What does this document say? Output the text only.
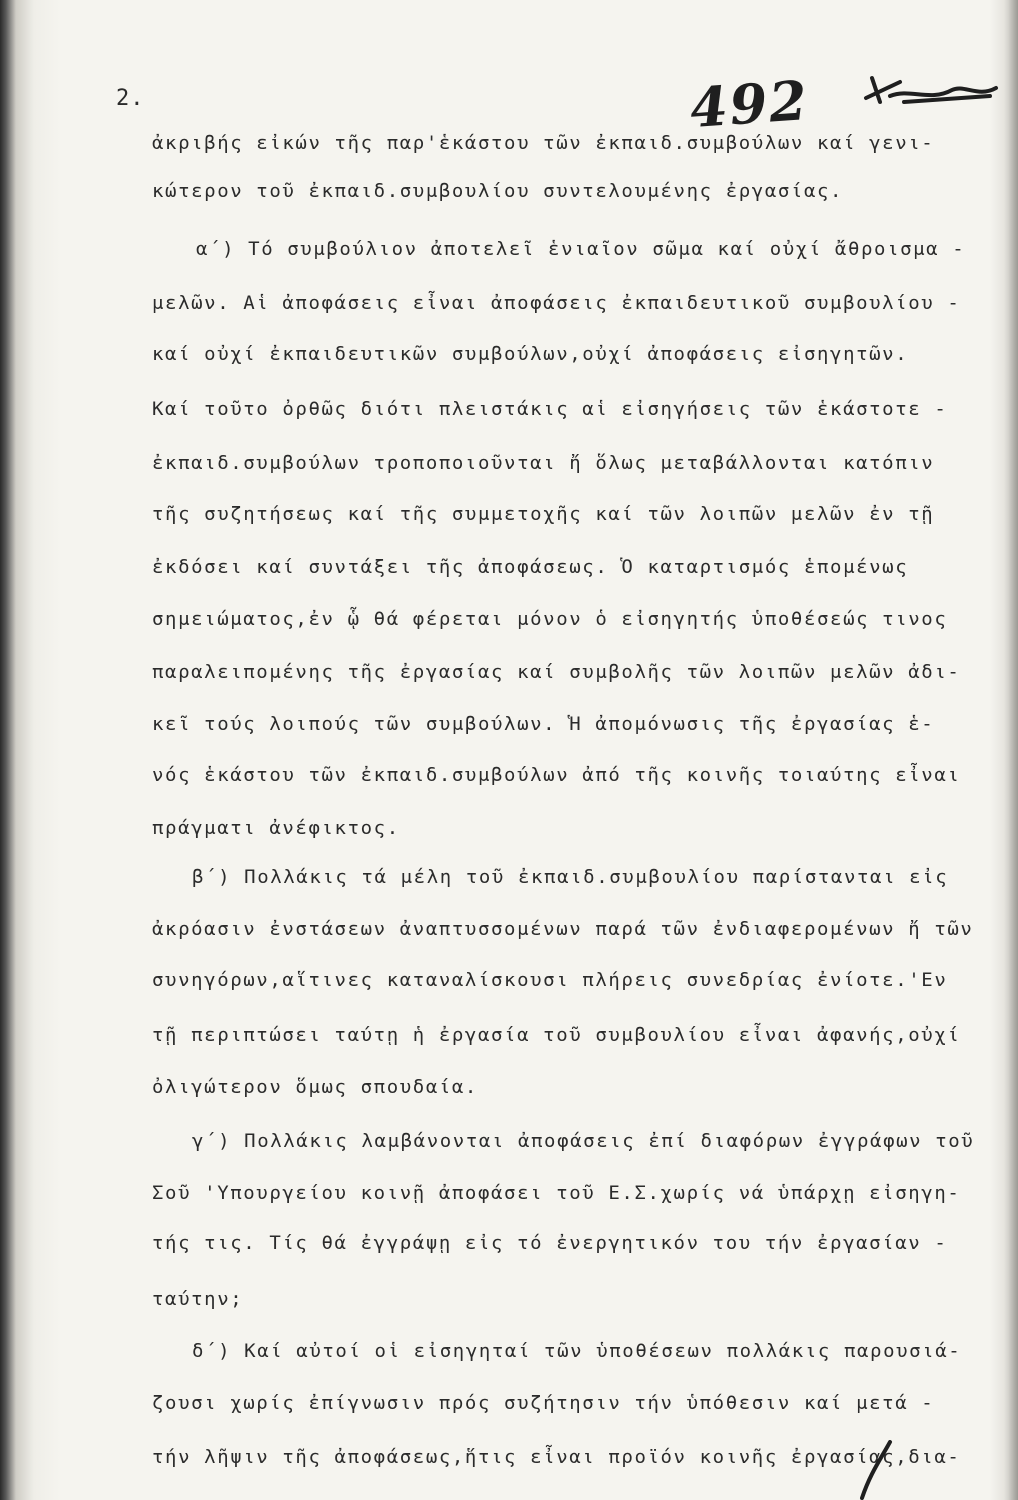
2.	492
ἀκριβής εἰκών τῆς παρ'ἑκάστου τῶν ἐκπαιδ.συμβούλων καί γενι-
κώτερον τοῦ ἐκπαιδ.συμβουλίου συντελουμένης ἐργασίας.
α΄) Τό συμβούλιον ἀποτελεῖ ἑνιαῖον σῶμα καί οὐχί ἄθροισμα -
μελῶν. Αἱ ἀποφάσεις εἶναι ἀποφάσεις ἐκπαιδευτικοῦ συμβουλίου -
καί οὐχί ἐκπαιδευτικῶν συμβούλων,οὐχί ἀποφάσεις εἰσηγητῶν.
Καί τοῦτο ὀρθῶς διότι πλειστάκις αἱ εἰσηγήσεις τῶν ἑκάστοτε -
ἐκπαιδ.συμβούλων τροποποιοῦνται ἤ ὅλως μεταβάλλονται κατόπιν
τῆς συζητήσεως καί τῆς συμμετοχῆς καί τῶν λοιπῶν μελῶν ἐν τῇ
ἐκδόσει καί συντάξει τῆς ἀποφάσεως. Ὁ καταρτισμός ἑπομένως
σημειώματος,ἐν ᾧ θά φέρεται μόνον ὁ εἰσηγητής ὑποθέσεώς τινος
παραλειπομένης τῆς ἐργασίας καί συμβολῆς τῶν λοιπῶν μελῶν ἀδι-
κεῖ τούς λοιπούς τῶν συμβούλων. Ἡ ἀπομόνωσις τῆς ἐργασίας ἑ-
νός ἑκάστου τῶν ἐκπαιδ.συμβούλων ἀπό τῆς κοινῆς τοιαύτης εἶναι
πράγματι ἀνέφικτος.
β΄) Πολλάκις τά μέλη τοῦ ἐκπαιδ.συμβουλίου παρίστανται εἰς
ἀκρόασιν ἐνστάσεων ἀναπτυσσομένων παρά τῶν ἐνδιαφερομένων ἤ τῶν
συνηγόρων,αἵτινες καταναλίσκουσι πλήρεις συνεδρίας ἐνίοτε.'Εν
τῇ περιπτώσει ταύτῃ ἡ ἐργασία τοῦ συμβουλίου εἶναι ἀφανής,οὐχί
ὀλιγώτερον ὅμως σπουδαία.
γ΄) Πολλάκις λαμβάνονται ἀποφάσεις ἐπί διαφόρων ἐγγράφων τοῦ
Σοῦ 'Υπουργείου κοινῇ ἀποφάσει τοῦ Ε.Σ.χωρίς νά ὑπάρχῃ εἰσηγη-
τής τις. Τίς θά ἐγγράψῃ εἰς τό ἐνεργητικόν του τήν ἐργασίαν -
ταύτην;
δ΄) Καί αὐτοί οἱ εἰσηγηταί τῶν ὑποθέσεων πολλάκις παρουσιά-
ζουσι χωρίς ἐπίγνωσιν πρός συζήτησιν τήν ὑπόθεσιν καί μετά -
τήν λῆψιν τῆς ἀποφάσεως,ἥτις εἶναι προϊόν κοινῆς ἐργασίας,δια-
